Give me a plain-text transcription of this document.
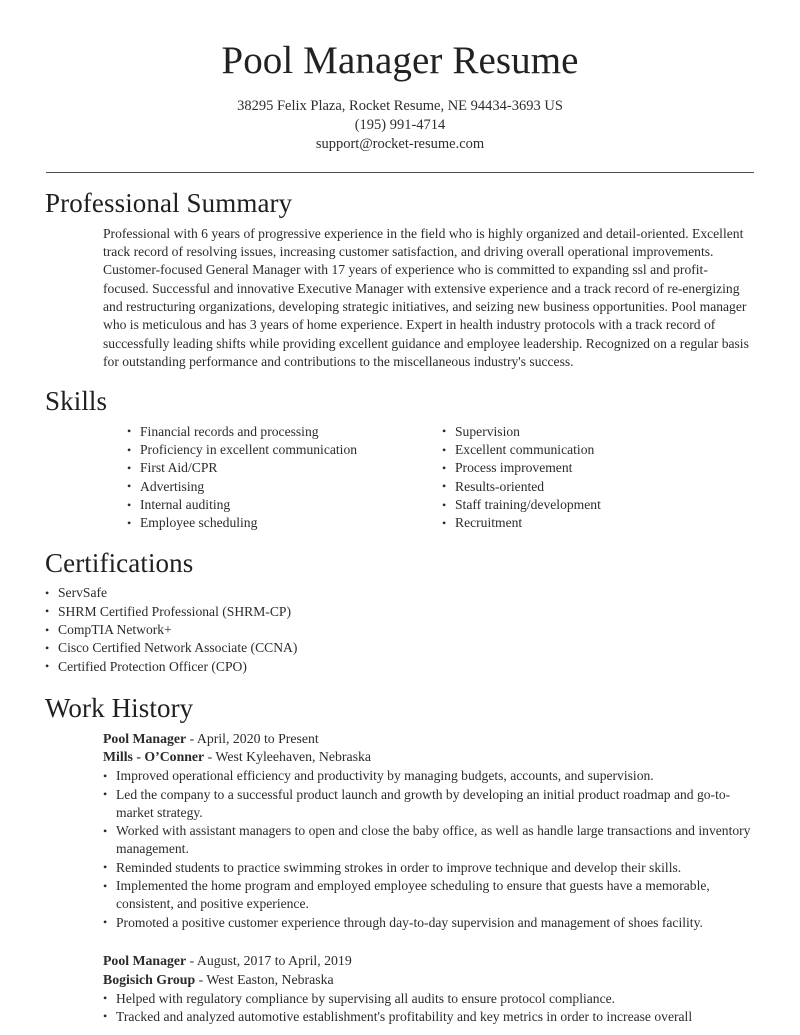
Pool Manager Resume
38295 Felix Plaza, Rocket Resume, NE 94434-3693 US
(195) 991-4714
support@rocket-resume.com
Professional Summary

Professional with 6 years of progressive experience in the field who is highly organized and detail-oriented. Excellent track record of resolving issues, increasing customer satisfaction, and driving overall operational improvements. Customer-focused General Manager with 17 years of experience who is committed to expanding ssl and profit-focused. Successful and innovative Executive Manager with extensive experience and a track record of re-energizing and restructuring organizations, developing strategic initiatives, and seizing new business opportunities. Pool manager who is meticulous and has 3 years of home experience. Expert in health industry protocols with a track record of successfully leading shifts while providing excellent guidance and employee leadership. Recognized on a regular basis for outstanding performance and contributions to the miscellaneous industry's success.

Skills
• Financial records and processing
• Proficiency in excellent communication
• First Aid/CPR
• Advertising
• Internal auditing
• Employee scheduling
• Supervision
• Excellent communication
• Process improvement
• Results-oriented
• Staff training/development
• Recruitment
Certifications
• ServSafe
• SHRM Certified Professional (SHRM-CP)
• CompTIA Network+
• Cisco Certified Network Associate (CCNA)
• Certified Protection Officer (CPO)
Work History
Pool Manager - April, 2020 to Present
Mills - O’Conner - West Kyleehaven, Nebraska
• Improved operational efficiency and productivity by managing budgets, accounts, and supervision.
• Led the company to a successful product launch and growth by developing an initial product roadmap and go-to-market strategy.
• Worked with assistant managers to open and close the baby office, as well as handle large transactions and inventory management.
• Reminded students to practice swimming strokes in order to improve technique and develop their skills.
• Implemented the home program and employed employee scheduling to ensure that guests have a memorable, consistent, and positive experience.
• Promoted a positive customer experience through day-to-day supervision and management of shoes facility.
Pool Manager - August, 2017 to April, 2019
Bogisich Group - West Easton, Nebraska
• Helped with regulatory compliance by supervising all audits to ensure protocol compliance.
• Tracked and analyzed automotive establishment's profitability and key metrics in order to increase overall
